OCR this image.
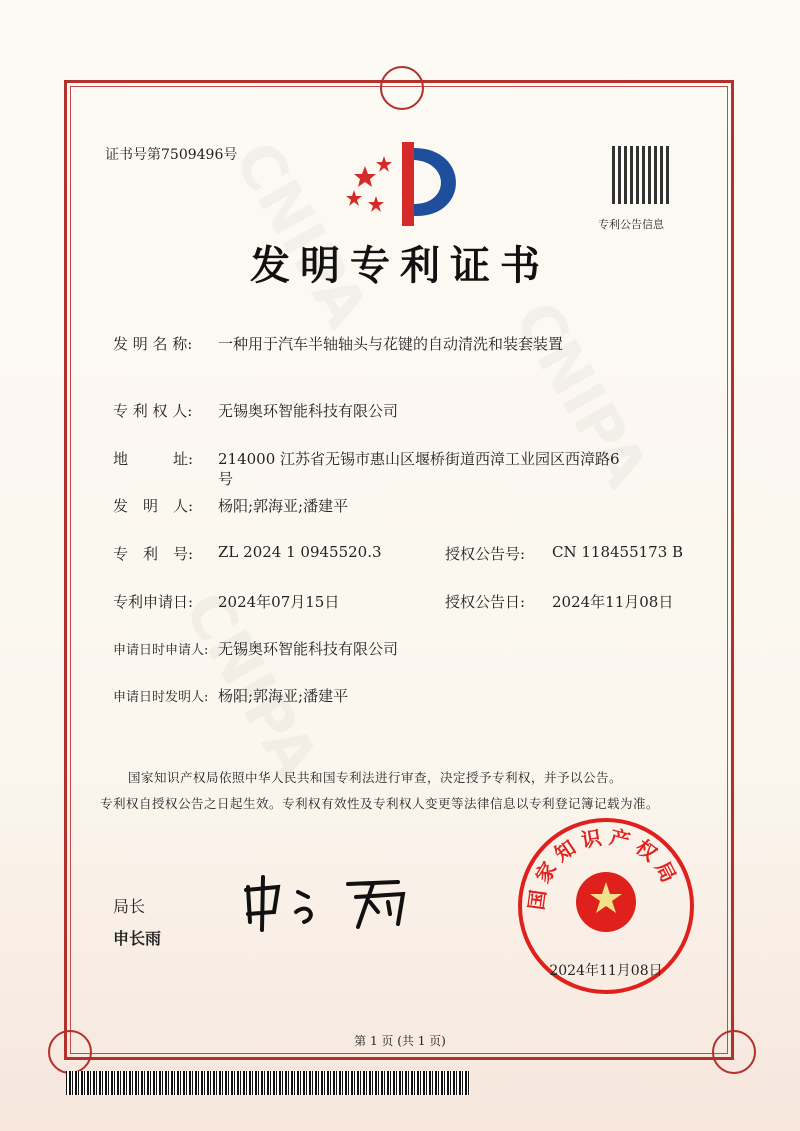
证书号第7509496号
专利公告信息
发明专利证书
发 明 名 称: 一种用于汽车半轴轴头与花键的自动清洗和装套装置
专 利 权 人: 无锡奥环智能科技有限公司
地　　　址: 214000 江苏省无锡市惠山区堰桥街道西漳工业园区西漳路6
号
发　明　人: 杨阳;郭海亚;潘建平
专　利　号: ZL 2024 1 0945520.3	授权公告号: CN 118455173 B
专利申请日: 2024年07月15日	授权公告日: 2024年11月08日
申请日时申请人: 无锡奥环智能科技有限公司
申请日时发明人: 杨阳;郭海亚;潘建平
国家知识产权局依照中华人民共和国专利法进行审查，决定授予专利权，并予以公告。
专利权自授权公告之日起生效。专利权有效性及专利权人变更等法律信息以专利登记簿记载为准。
局长
申长雨
国家知识产权局
2024年11月08日
第 1 页 (共 1 页)
